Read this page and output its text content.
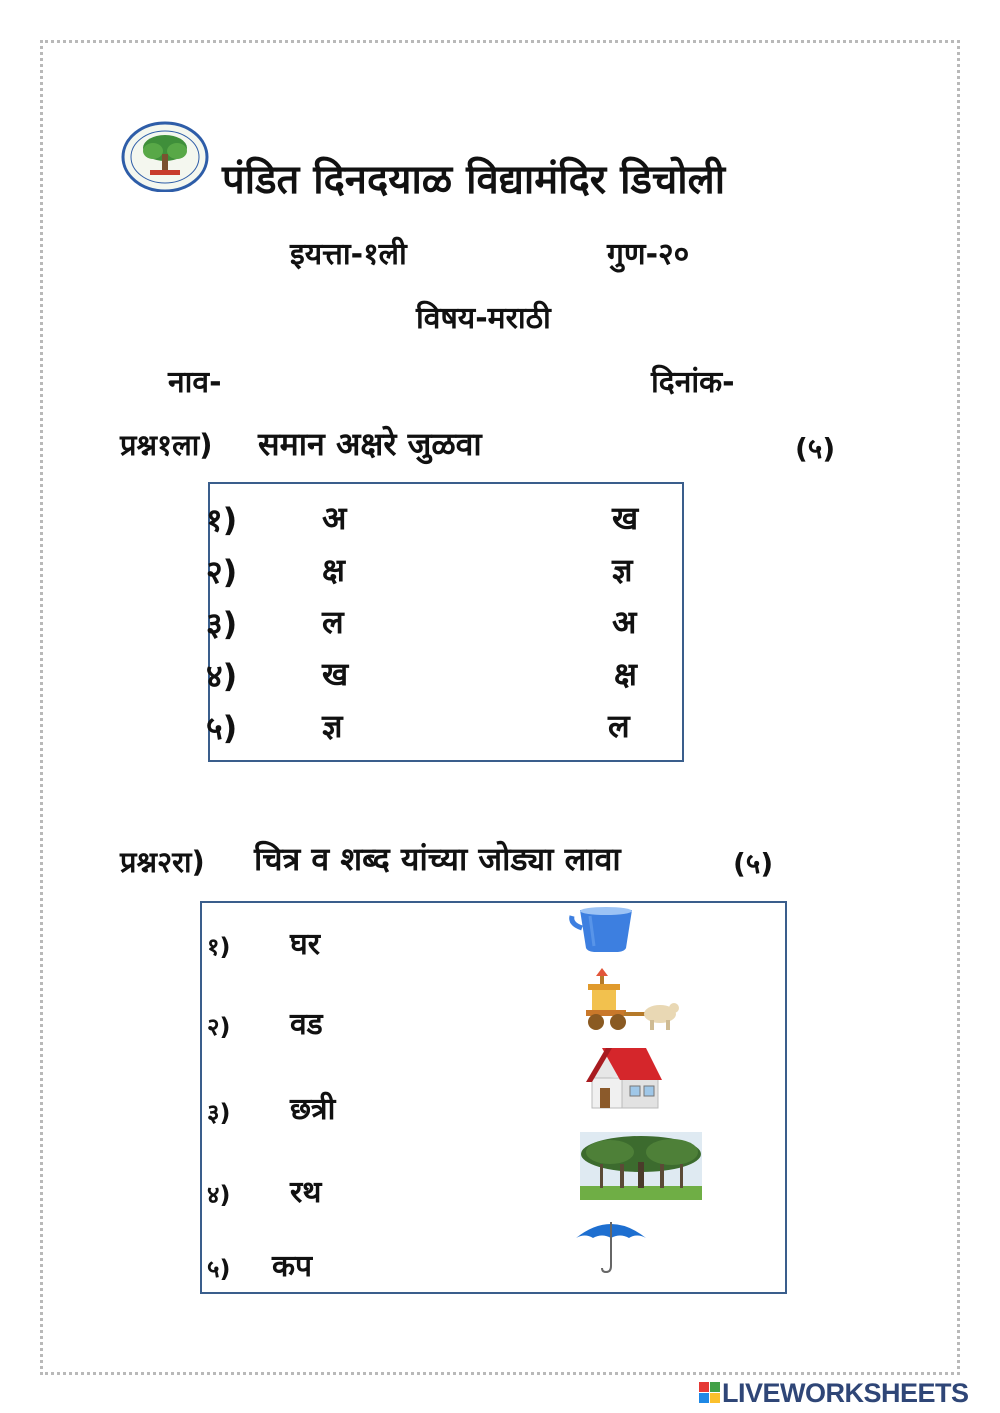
पंडित दिनदयाळ विद्यामंदिर डिचोली
इयत्ता-१ली	गुण-२०
विषय-मराठी
नाव-	दिनांक-
प्रश्न१ला) समान अक्षरे जुळवा	(५)
१)	अ	ख
२)	क्ष	ज्ञ
३)	ल	अ
४)	ख	क्ष
५)	ज्ञ	ल
प्रश्न२रा) चित्र व शब्द यांच्या जोड्या लावा	(५)
१) घर
२) वड
३) छत्री
४) रथ
५) कप
LIVEWORKSHEETS
